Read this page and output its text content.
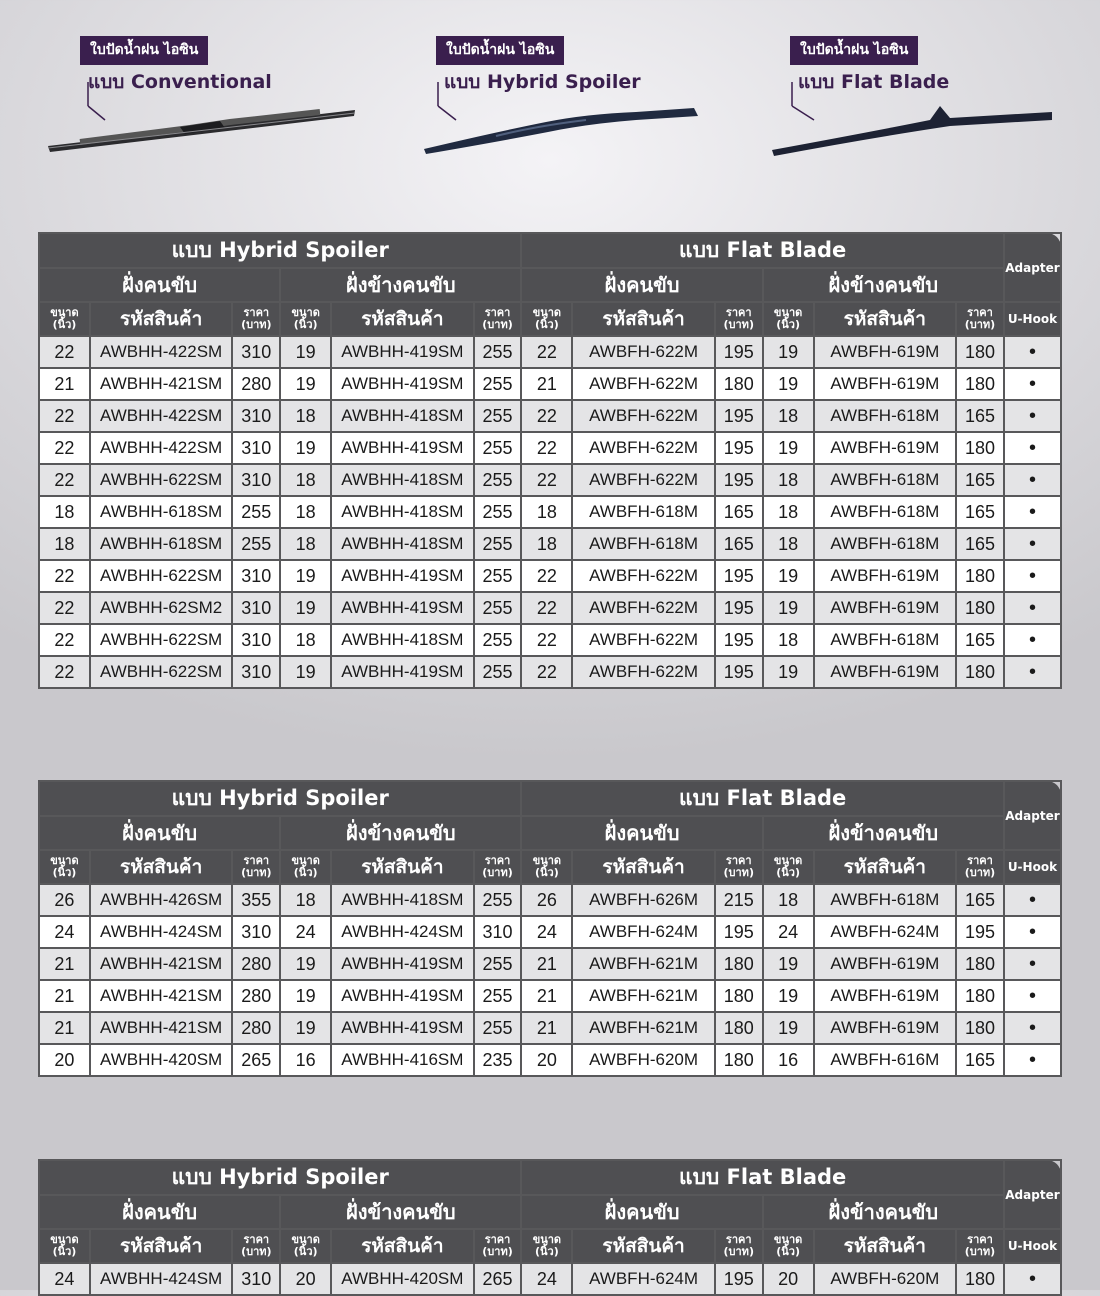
ใบปัดน้ำฝน ไอซิน
แบบ Conventional
ใบปัดน้ำฝน ไอซิน
แบบ Hybrid Spoiler
ใบปัดน้ำฝน ไอซิน
แบบ Flat Blade
แบบ Hybrid Spoiler						แบบ Flat Blade						Adapter
ฝั่งคนขับ			ฝั่งข้างคนขับ			ฝั่งคนขับ			ฝั่งข้างคนขับ			
ขนาด (นิ้ว)	รหัสสินค้า	ราคา (บาท)	ขนาด (นิ้ว)	รหัสสินค้า	ราคา (บาท)	ขนาด (นิ้ว)	รหัสสินค้า	ราคา (บาท)	ขนาด (นิ้ว)	รหัสสินค้า	ราคา (บาท)	U-Hook
22	AWBHH-422SM	310	19	AWBHH-419SM	255	22	AWBFH-622M	195	19	AWBFH-619M	180	•
21	AWBHH-421SM	280	19	AWBHH-419SM	255	21	AWBFH-622M	180	19	AWBFH-619M	180	•
22	AWBHH-422SM	310	18	AWBHH-418SM	255	22	AWBFH-622M	195	18	AWBFH-618M	165	•
22	AWBHH-422SM	310	19	AWBHH-419SM	255	22	AWBFH-622M	195	19	AWBFH-619M	180	•
22	AWBHH-622SM	310	18	AWBHH-418SM	255	22	AWBFH-622M	195	18	AWBFH-618M	165	•
18	AWBHH-618SM	255	18	AWBHH-418SM	255	18	AWBFH-618M	165	18	AWBFH-618M	165	•
18	AWBHH-618SM	255	18	AWBHH-418SM	255	18	AWBFH-618M	165	18	AWBFH-618M	165	•
22	AWBHH-622SM	310	19	AWBHH-419SM	255	22	AWBFH-622M	195	19	AWBFH-619M	180	•
22	AWBHH-62SM2	310	19	AWBHH-419SM	255	22	AWBFH-622M	195	19	AWBFH-619M	180	•
22	AWBHH-622SM	310	18	AWBHH-418SM	255	22	AWBFH-622M	195	18	AWBFH-618M	165	•
22	AWBHH-622SM	310	19	AWBHH-419SM	255	22	AWBFH-622M	195	19	AWBFH-619M	180	•
แบบ Hybrid Spoiler						แบบ Flat Blade						Adapter
ฝั่งคนขับ			ฝั่งข้างคนขับ			ฝั่งคนขับ			ฝั่งข้างคนขับ			
ขนาด (นิ้ว)	รหัสสินค้า	ราคา (บาท)	ขนาด (นิ้ว)	รหัสสินค้า	ราคา (บาท)	ขนาด (นิ้ว)	รหัสสินค้า	ราคา (บาท)	ขนาด (นิ้ว)	รหัสสินค้า	ราคา (บาท)	U-Hook
26	AWBHH-426SM	355	18	AWBHH-418SM	255	26	AWBFH-626M	215	18	AWBFH-618M	165	•
24	AWBHH-424SM	310	24	AWBHH-424SM	310	24	AWBFH-624M	195	24	AWBFH-624M	195	•
21	AWBHH-421SM	280	19	AWBHH-419SM	255	21	AWBFH-621M	180	19	AWBFH-619M	180	•
21	AWBHH-421SM	280	19	AWBHH-419SM	255	21	AWBFH-621M	180	19	AWBFH-619M	180	•
21	AWBHH-421SM	280	19	AWBHH-419SM	255	21	AWBFH-621M	180	19	AWBFH-619M	180	•
20	AWBHH-420SM	265	16	AWBHH-416SM	235	20	AWBFH-620M	180	16	AWBFH-616M	165	•
แบบ Hybrid Spoiler						แบบ Flat Blade						Adapter
ฝั่งคนขับ			ฝั่งข้างคนขับ			ฝั่งคนขับ			ฝั่งข้างคนขับ			
ขนาด (นิ้ว)	รหัสสินค้า	ราคา (บาท)	ขนาด (นิ้ว)	รหัสสินค้า	ราคา (บาท)	ขนาด (นิ้ว)	รหัสสินค้า	ราคา (บาท)	ขนาด (นิ้ว)	รหัสสินค้า	ราคา (บาท)	U-Hook
24	AWBHH-424SM	310	20	AWBHH-420SM	265	24	AWBFH-624M	195	20	AWBFH-620M	180	•
